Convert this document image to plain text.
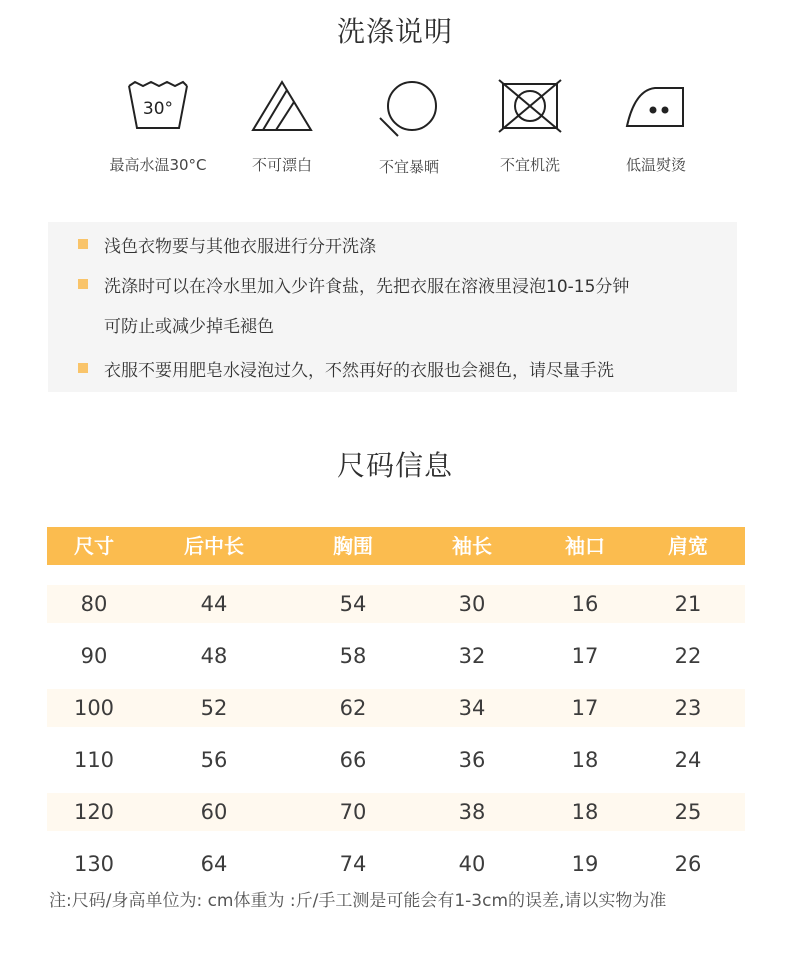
洗涤说明
30°
最高水温30°C	不可漂白	不宜暴晒	不宜机洗	低温熨烫
浅色衣物要与其他衣服进行分开洗涤
洗涤时可以在冷水里加入少许食盐，先把衣服在溶液里浸泡10-15分钟
可防止或减少掉毛褪色
衣服不要用肥皂水浸泡过久，不然再好的衣服也会褪色，请尽量手洗
尺码信息
尺寸	后中长	胸围	袖长	袖口	肩宽
80	44	54	30	16	21
90	48	58	32	17	22
100	52	62	34	17	23
110	56	66	36	18	24
120	60	70	38	18	25
130	64	74	40	19	26
注:尺码/身高单位为: cm体重为 :斤/手工测是可能会有1-3cm的误差,请以实物为准
